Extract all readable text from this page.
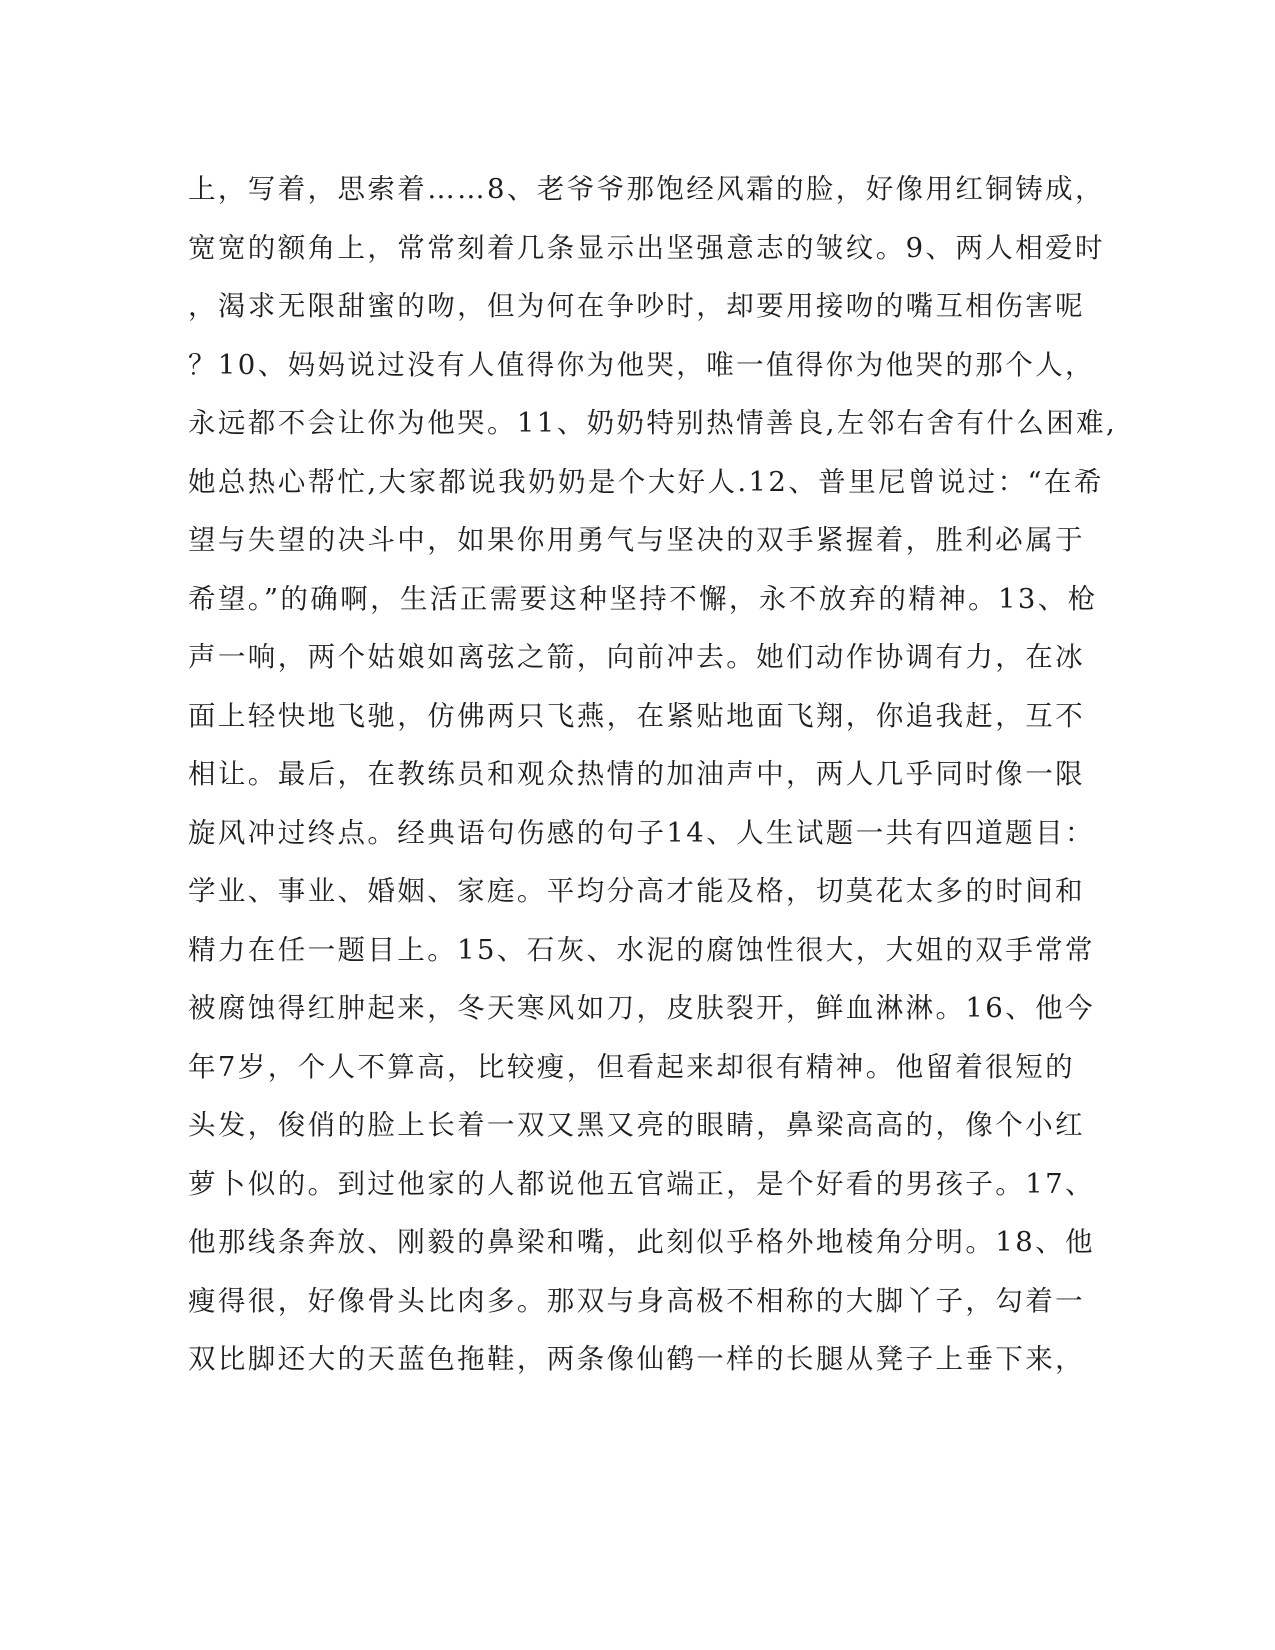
上，写着，思索着……8、老爷爷那饱经风霜的脸，好像用红铜铸成，
宽宽的额角上，常常刻着几条显示出坚强意志的皱纹。9、两人相爱时
，渴求无限甜蜜的吻，但为何在争吵时，却要用接吻的嘴互相伤害呢
？10、妈妈说过没有人值得你为他哭，唯一值得你为他哭的那个人，
永远都不会让你为他哭。11、奶奶特别热情善良,左邻右舍有什么困难,
她总热心帮忙,大家都说我奶奶是个大好人.12、普里尼曾说过：“在希
望与失望的决斗中，如果你用勇气与坚决的双手紧握着，胜利必属于
希望。”的确啊，生活正需要这种坚持不懈，永不放弃的精神。13、枪
声一响，两个姑娘如离弦之箭，向前冲去。她们动作协调有力，在冰
面上轻快地飞驰，仿佛两只飞燕，在紧贴地面飞翔，你追我赶，互不
相让。最后，在教练员和观众热情的加油声中，两人几乎同时像一限
旋风冲过终点。经典语句伤感的句子14、人生试题一共有四道题目：
学业、事业、婚姻、家庭。平均分高才能及格，切莫花太多的时间和
精力在任一题目上。15、石灰、水泥的腐蚀性很大，大姐的双手常常
被腐蚀得红肿起来，冬天寒风如刀，皮肤裂开，鲜血淋淋。16、他今
年7岁，个人不算高，比较瘦，但看起来却很有精神。他留着很短的
头发，俊俏的脸上长着一双又黑又亮的眼睛，鼻梁高高的，像个小红
萝卜似的。到过他家的人都说他五官端正，是个好看的男孩子。17、
他那线条奔放、刚毅的鼻梁和嘴，此刻似乎格外地棱角分明。18、他
瘦得很，好像骨头比肉多。那双与身高极不相称的大脚丫子，勾着一
双比脚还大的天蓝色拖鞋，两条像仙鹤一样的长腿从凳子上垂下来，
